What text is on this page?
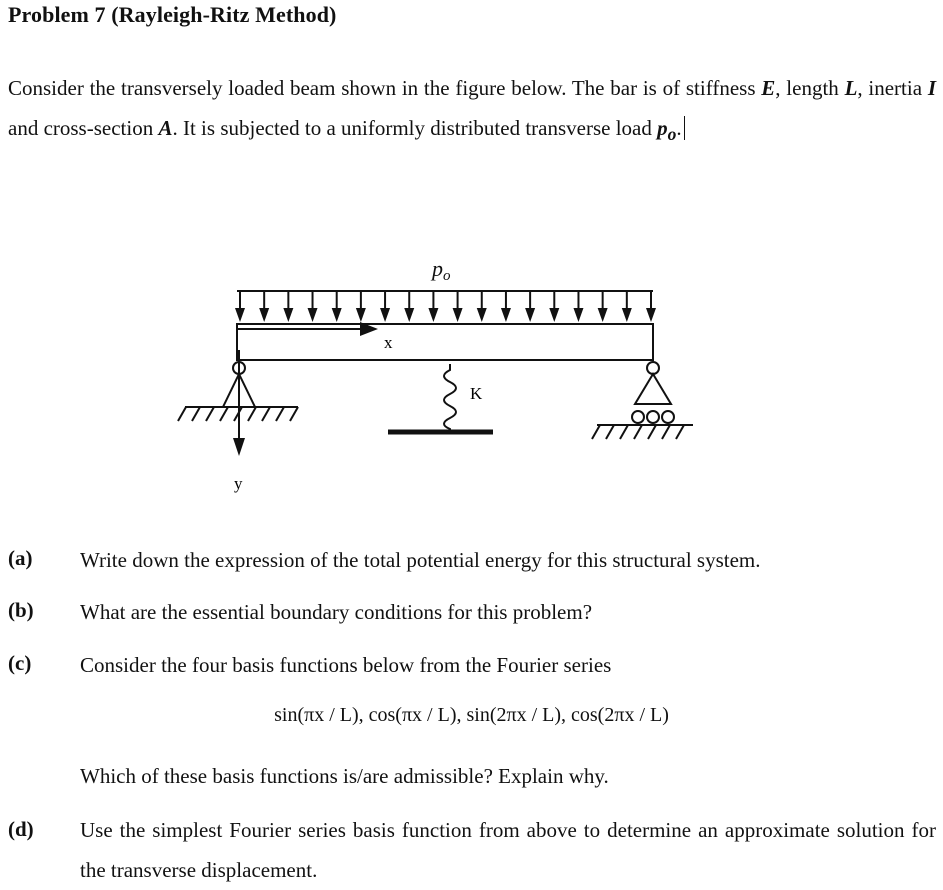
Problem 7 (Rayleigh-Ritz Method)
Consider the transversely loaded beam shown in the figure below. The bar is of stiffness E, length L, inertia I and cross-section A. It is subjected to a uniformly distributed transverse load $p_o$.
po
x
y
K
(a) Write down the expression of the total potential energy for this structural system.
(b) What are the essential boundary conditions for this problem?
(c) Consider the four basis functions below from the Fourier series
sin(πx / L), cos(πx / L), sin(2πx / L), cos(2πx / L)
Which of these basis functions is/are admissible? Explain why.
(d) Use the simplest Fourier series basis function from above to determine an approximate solution for the transverse displacement.
